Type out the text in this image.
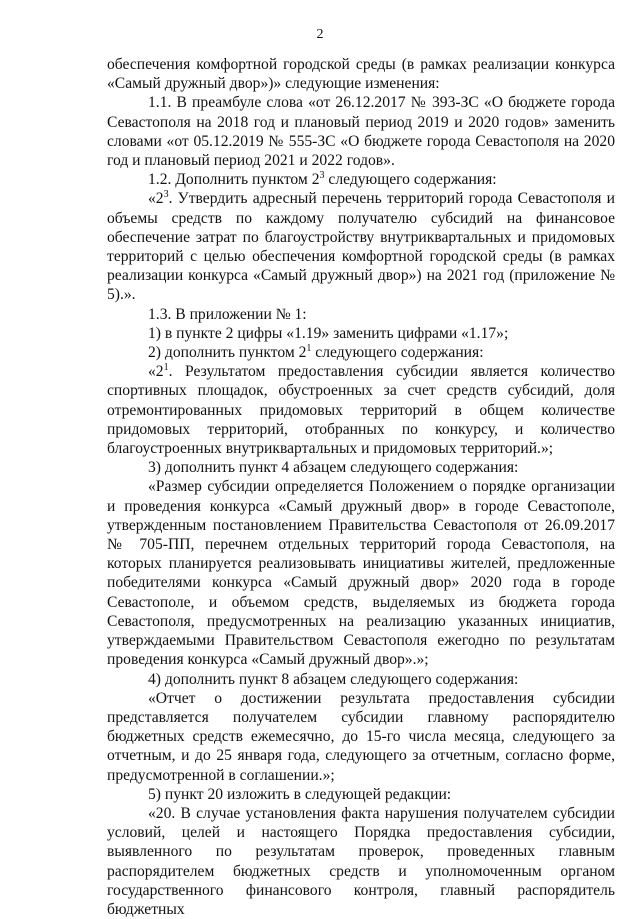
2

обеспечения комфортной городской среды (в рамках реализации конкурса «Самый дружный двор»)» следующие изменения:

1.1. В преамбуле слова «от 26.12.2017 № 393-ЗС «О бюджете города Севастополя на 2018 год и плановый период 2019 и 2020 годов» заменить словами «от 05.12.2019 № 555-ЗС «О бюджете города Севастополя на 2020 год и плановый период 2021 и 2022 годов».

1.2. Дополнить пунктом $2^3$ следующего содержания:

«$2^3$. Утвердить адресный перечень территорий города Севастополя и объемы средств по каждому получателю субсидий на финансовое обеспечение затрат по благоустройству внутриквартальных и придомовых территорий с целью обеспечения комфортной городской среды (в рамках реализации конкурса «Самый дружный двор») на 2021 год (приложение № 5).».

1.3. В приложении № 1:

1) в пункте 2 цифры «1.19» заменить цифрами «1.17»;

2) дополнить пунктом $2^1$ следующего содержания:

«$2^1$. Результатом предоставления субсидии является количество спортивных площадок, обустроенных за счет средств субсидий, доля отремонтированных придомовых территорий в общем количестве придомовых территорий, отобранных по конкурсу, и количество благоустроенных внутриквартальных и придомовых территорий.»;

3) дополнить пункт 4 абзацем следующего содержания:

«Размер субсидии определяется Положением о порядке организации и проведения конкурса «Самый дружный двор» в городе Севастополе, утвержденным постановлением Правительства Севастополя от 26.09.2017 № 705-ПП, перечнем отдельных территорий города Севастополя, на которых планируется реализовывать инициативы жителей, предложенные победителями конкурса «Самый дружный двор» 2020 года в городе Севастополе, и объемом средств, выделяемых из бюджета города Севастополя, предусмотренных на реализацию указанных инициатив, утверждаемыми Правительством Севастополя ежегодно по результатам проведения конкурса «Самый дружный двор».»;

4) дополнить пункт 8 абзацем следующего содержания:

«Отчет о достижении результата предоставления субсидии представляется получателем субсидии главному распорядителю бюджетных средств ежемесячно, до 15-го числа месяца, следующего за отчетным, и до 25 января года, следующего за отчетным, согласно форме, предусмотренной в соглашении.»;

5) пункт 20 изложить в следующей редакции:

«20. В случае установления факта нарушения получателем субсидии условий, целей и настоящего Порядка предоставления субсидии, выявленного по результатам проверок, проведенных главным распорядителем бюджетных средств и уполномоченным органом государственного финансового контроля, главный распорядитель бюджетных
